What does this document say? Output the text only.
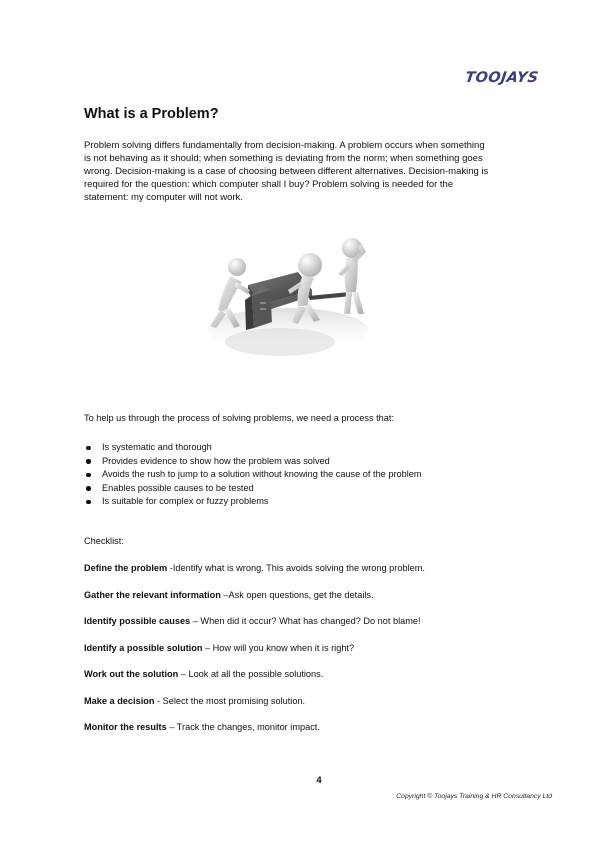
TOOJAYS
What is a Problem?
Problem solving differs fundamentally from decision-making. A problem occurs when something
is not behaving as it should; when something is deviating from the norm; when something goes
wrong. Decision-making is a case of choosing between different alternatives. Decision-making is
required for the question: which computer shall I buy? Problem solving is needed for the
statement: my computer will not work.

To help us through the process of solving problems, we need a process that:

Is systematic and thorough
Provides evidence to show how the problem was solved
Avoids the rush to jump to a solution without knowing the cause of the problem
Enables possible causes to be tested
Is suitable for complex or fuzzy problems

Checklist:

Define the problem -Identify what is wrong. This avoids solving the wrong problem.

Gather the relevant information –Ask open questions, get the details.

Identify possible causes – When did it occur? What has changed? Do not blame!

Identify a possible solution – How will you know when it is right?

Work out the solution – Look at all the possible solutions.

Make a decision - Select the most promising solution.

Monitor the results – Track the changes, monitor impact.

4
Copyright © Toojays Training & HR Consultancy Ltd
